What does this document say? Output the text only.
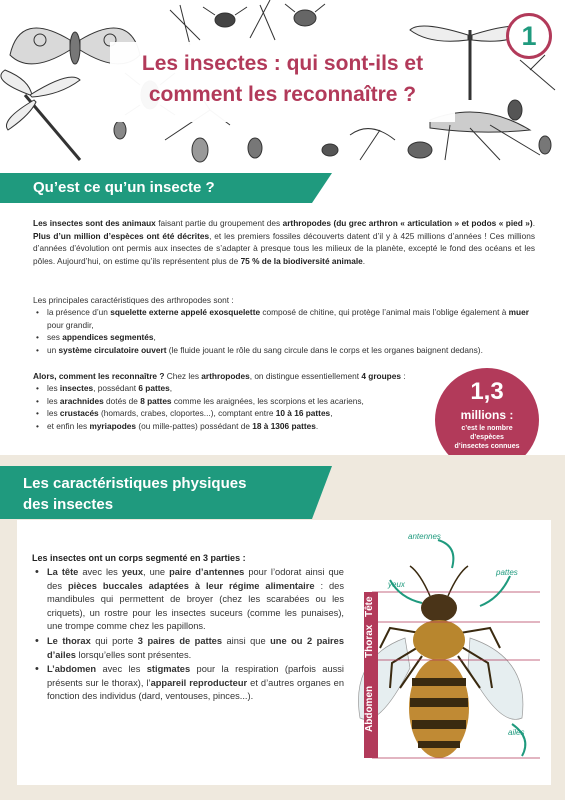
Les insectes : qui sont-ils et comment les reconnaître ?
1
Qu’est ce qu’un insecte ?
Les insectes sont des animaux faisant partie du groupement des arthropodes (du grec arthron « articulation » et podos « pied »). Plus d’un million d’espèces ont été décrites, et les premiers fossiles découverts datent d’il y à 425 millions d’années ! Ces millions d’années d’évolution ont permis aux insectes de s’adapter à presque tous les milieux de la planète, excepté le fond des océans et les pôles. Aujourd’hui, on estime qu’ils représentent plus de 75 % de la biodiversité animale.
Les principales caractéristiques des arthropodes sont :
• la présence d’un squelette externe appelé exosquelette composé de chitine, qui protège l’animal mais l’oblige également à muer pour grandir,
• ses appendices segmentés,
• un système circulatoire ouvert (le fluide jouant le rôle du sang circule dans le corps et les organes baignent dedans).
Alors, comment les reconnaître ? Chez les arthropodes, on distingue essentiellement 4 groupes :
• les insectes, possédant 6 pattes,
• les arachnides dotés de 8 pattes comme les araignées, les scorpions et les acariens,
• les crustacés (homards, crabes, cloportes...), comptant entre 10 à 16 pattes,
• et enfin les myriapodes (ou mille-pattes) possédant de 18 à 1306 pattes.
1,3
millions :
c’est le nombre d’espèces d’insectes connues
Les caractéristiques physiques
des insectes
Les insectes ont un corps segmenté en 3 parties :
• La tête avec les yeux, une paire d’antennes pour l’odorat ainsi que des pièces buccales adaptées à leur régime alimentaire : des mandibules qui permettent de broyer (chez les scarabées ou les criquets), un rostre pour les insectes suceurs (comme les punaises), une trompe comme chez les papillons.
• Le thorax qui porte 3 paires de pattes ainsi que une ou 2 paires d’ailes lorsqu’elles sont présentes.
• L’abdomen avec les stigmates pour la respiration (parfois aussi présents sur le thorax), l’appareil reproducteur et d’autres organes en fonction des individus (dard, ventouses, pinces...).
Tête
Thorax
Abdomen
antennes
yeux
pattes
ailes
